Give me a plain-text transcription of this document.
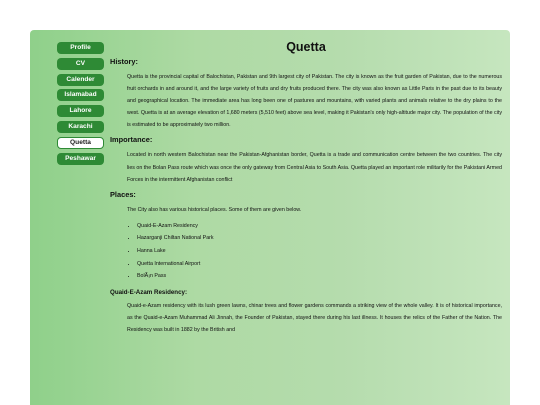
Profile
CV
Calender
Islamabad
Lahore
Karachi
Quetta
Peshawar
Quetta
History:

Quetta is the provincial capital of Balochistan, Pakistan and 9th largest city of Pakistan. The city is known as the fruit garden of Pakistan, due to the numerous fruit orchards in and around it, and the large variety of fruits and dry fruits produced there. The city was also known as Little Paris in the past due to its beauty and geographical location. The immediate area has long been one of pastures and mountains, with varied plants and animals relative to the dry plains to the west. Quetta is at an average elevation of 1,680 meters (5,510 feet) above sea level, making it Pakistan's only high-altitude major city. The population of the city is estimated to be approximately two million.

Importance:

Located in north western Balochistan near the Pakistan-Afghanistan border, Quetta is a trade and communication centre between the two countries. The city lies on the Bolan Pass route which was once the only gateway from Central Asia to South Asia. Quetta played an important role militarily for the Pakistani Armed Forces in the intermittent Afghanistan conflict

Places:

The City also has various historical places. Some of them are given below.

• Quaid-E-Azam Residency
• Hazarganji Chiltan National Park
• Hanna Lake
• Quetta International Airport
• BolÃ¡n Pass
Quaid-E-Azam Residency:

Quaid-e-Azam residency with its lush green lawns, chinar trees and flower gardens commands a striking view of the whole valley. It is of historical importance, as the Quaid-e-Azam Muhammad Ali Jinnah, the Founder of Pakistan, stayed there during his last illness. It houses the relics of the Father of the Nation. The Residency was built in 1882 by the British and
